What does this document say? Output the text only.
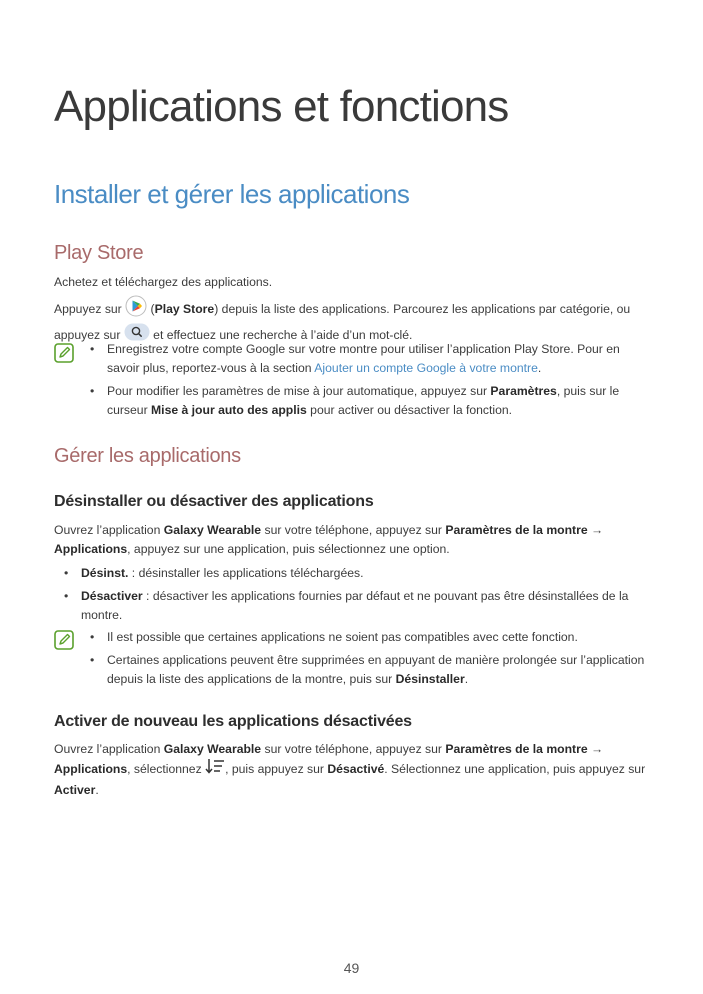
Applications et fonctions
Installer et gérer les applications
Play Store

Achetez et téléchargez des applications.

Appuyez sur  (Play Store) depuis la liste des applications. Parcourez les applications par catégorie, ou appuyez sur  et effectuez une recherche à l’aide d’un mot-clé.

• Enregistrez votre compte Google sur votre montre pour utiliser l’application Play Store. Pour en savoir plus, reportez-vous à la section Ajouter un compte Google à votre montre.
• Pour modifier les paramètres de mise à jour automatique, appuyez sur Paramètres, puis sur le curseur Mise à jour auto des applis pour activer ou désactiver la fonction.
Gérer les applications
Désinstaller ou désactiver des applications

Ouvrez l’application Galaxy Wearable sur votre téléphone, appuyez sur Paramètres de la montre → Applications, appuyez sur une application, puis sélectionnez une option.

• Désinst. : désinstaller les applications téléchargées.
• Désactiver : désactiver les applications fournies par défaut et ne pouvant pas être désinstallées de la montre.
• Il est possible que certaines applications ne soient pas compatibles avec cette fonction.
• Certaines applications peuvent être supprimées en appuyant de manière prolongée sur l’application depuis la liste des applications de la montre, puis sur Désinstaller.
Activer de nouveau les applications désactivées

Ouvrez l’application Galaxy Wearable sur votre téléphone, appuyez sur Paramètres de la montre → Applications, sélectionnez , puis appuyez sur Désactivé. Sélectionnez une application, puis appuyez sur Activer.

49
